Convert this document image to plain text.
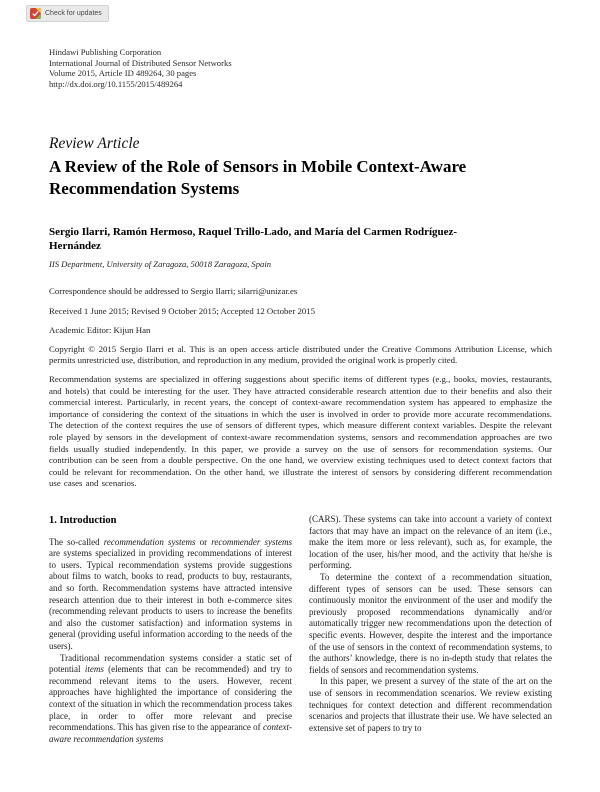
Check for updates
Hindawi Publishing Corporation
International Journal of Distributed Sensor Networks
Volume 2015, Article ID 489264, 30 pages
http://dx.doi.org/10.1155/2015/489264
Review Article
A Review of the Role of Sensors in Mobile Context-Aware Recommendation Systems
Sergio Ilarri, Ramón Hermoso, Raquel Trillo-Lado, and María del Carmen Rodríguez-Hernández
IIS Department, University of Zaragoza, 50018 Zaragoza, Spain
Correspondence should be addressed to Sergio Ilarri; silarri@unizar.es
Received 1 June 2015; Revised 9 October 2015; Accepted 12 October 2015
Academic Editor: Kijun Han
Copyright © 2015 Sergio Ilarri et al. This is an open access article distributed under the Creative Commons Attribution License, which permits unrestricted use, distribution, and reproduction in any medium, provided the original work is properly cited.
Recommendation systems are specialized in offering suggestions about specific items of different types (e.g., books, movies, restaurants, and hotels) that could be interesting for the user. They have attracted considerable research attention due to their benefits and also their commercial interest. Particularly, in recent years, the concept of context-aware recommendation system has appeared to emphasize the importance of considering the context of the situations in which the user is involved in order to provide more accurate recommendations. The detection of the context requires the use of sensors of different types, which measure different context variables. Despite the relevant role played by sensors in the development of context-aware recommendation systems, sensors and recommendation approaches are two fields usually studied independently. In this paper, we provide a survey on the use of sensors for recommendation systems. Our contribution can be seen from a double perspective. On the one hand, we overview existing techniques used to detect context factors that could be relevant for recommendation. On the other hand, we illustrate the interest of sensors by considering different recommendation use cases and scenarios.
1. Introduction

The so-called recommendation systems or recommender systems are systems specialized in providing recommendations of interest to users. Typical recommendation systems provide suggestions about films to watch, books to read, products to buy, restaurants, and so forth. Recommendation systems have attracted intensive research attention due to their interest in both e-commerce sites (recommending relevant products to users to increase the benefits and also the customer satisfaction) and information systems in general (providing useful information according to the needs of the users).

Traditional recommendation systems consider a static set of potential items (elements that can be recommended) and try to recommend relevant items to the users. However, recent approaches have highlighted the importance of considering the context of the situation in which the recommendation process takes place, in order to offer more relevant and precise recommendations. This has given rise to the appearance of context-aware recommendation systems

(CARS). These systems can take into account a variety of context factors that may have an impact on the relevance of an item (i.e., make the item more or less relevant), such as, for example, the location of the user, his/her mood, and the activity that he/she is performing.

To determine the context of a recommendation situation, different types of sensors can be used. These sensors can continuously monitor the environment of the user and modify the previously proposed recommendations dynamically and/or automatically trigger new recommendations upon the detection of specific events. However, despite the interest and the importance of the use of sensors in the context of recommendation systems, to the authors’ knowledge, there is no in-depth study that relates the fields of sensors and recommendation systems.

In this paper, we present a survey of the state of the art on the use of sensors in recommendation scenarios. We review existing techniques for context detection and different recommendation scenarios and projects that illustrate their use. We have selected an extensive set of papers to try to
